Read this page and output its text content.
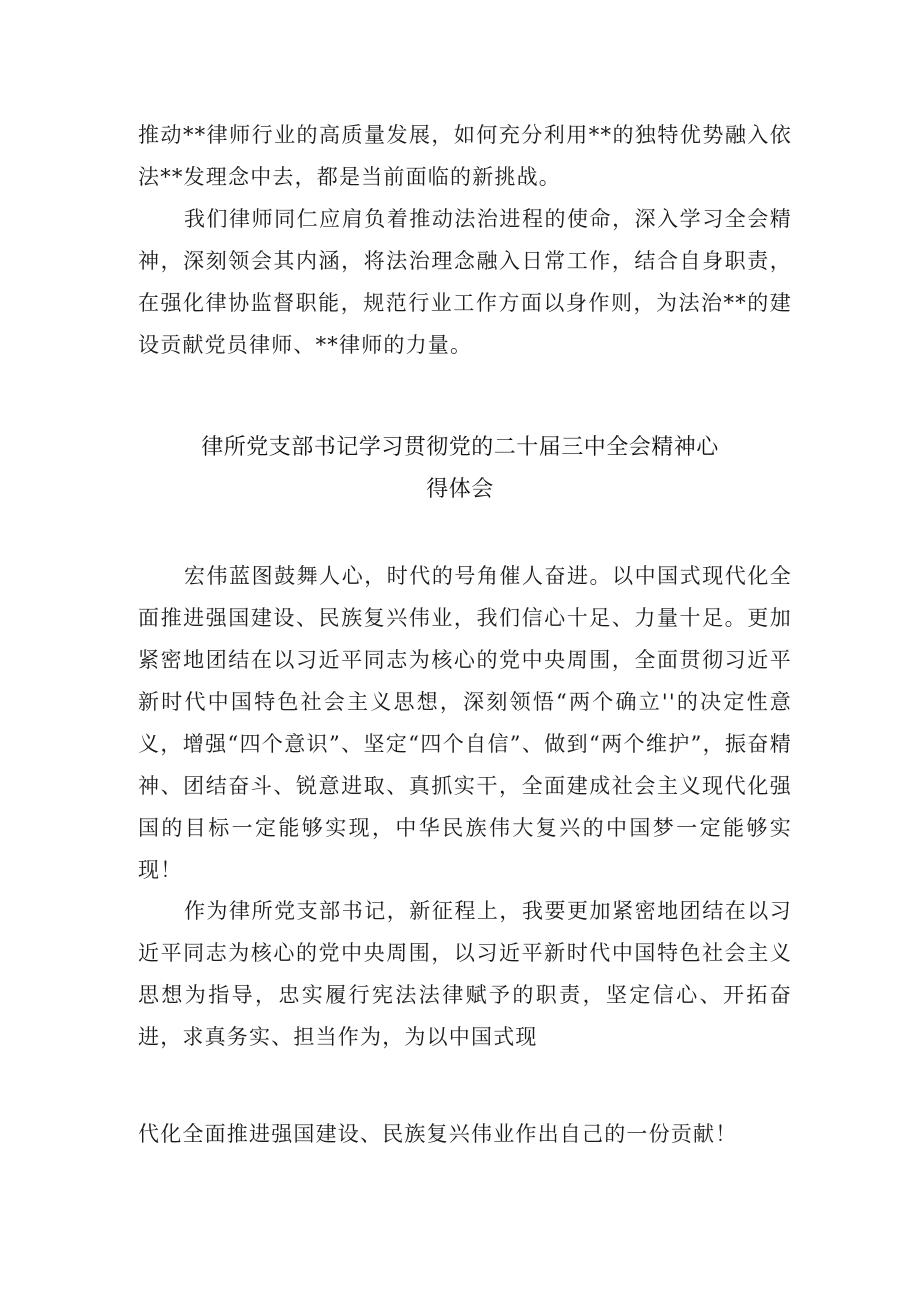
推动**律师行业的高质量发展，如何充分利用**的独特优势融入依法**发理念中去，都是当前面临的新挑战。

我们律师同仁应肩负着推动法治进程的使命，深入学习全会精神，深刻领会其内涵，将法治理念融入日常工作，结合自身职责，在强化律协监督职能，规范行业工作方面以身作则，为法治**的建设贡献党员律师、**律师的力量。

律所党支部书记学习贯彻党的二十届三中全会精神心
得体会

宏伟蓝图鼓舞人心，时代的号角催人奋进。以中国式现代化全面推进强国建设、民族复兴伟业，我们信心十足、力量十足。更加紧密地团结在以习近平同志为核心的党中央周围，全面贯彻习近平新时代中国特色社会主义思想，深刻领悟“两个确立''的决定性意义，增强“四个意识”、坚定“四个自信”、做到“两个维护”，振奋精神、团结奋斗、锐意进取、真抓实干，全面建成社会主义现代化强国的目标一定能够实现，中华民族伟大复兴的中国梦一定能够实现！

作为律所党支部书记，新征程上，我要更加紧密地团结在以习近平同志为核心的党中央周围，以习近平新时代中国特色社会主义思想为指导，忠实履行宪法法律赋予的职责，坚定信心、开拓奋进，求真务实、担当作为，为以中国式现

代化全面推进强国建设、民族复兴伟业作出自己的一份贡献！
